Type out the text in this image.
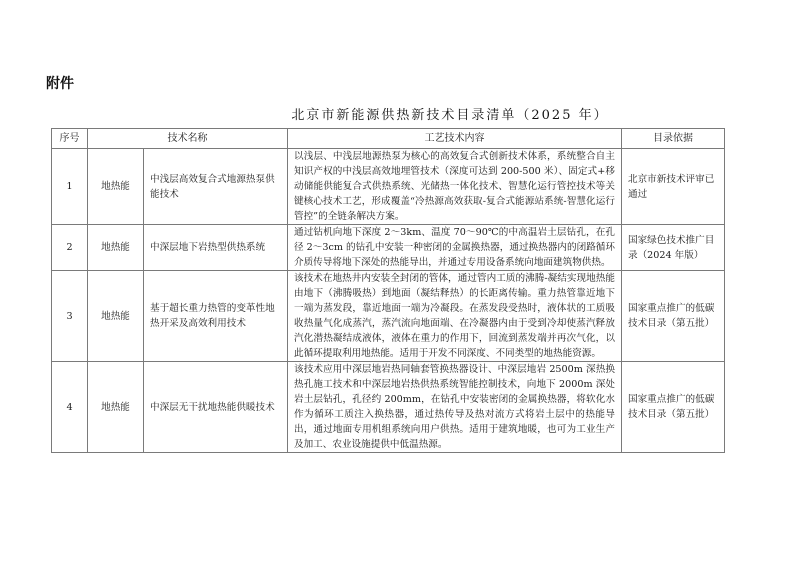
附件
北京市新能源供热新技术目录清单（2025 年）
序号	技术名称		工艺技术内容	目录依据
1	地热能	中浅层高效复合式地源热泵供能技术	以浅层、中浅层地源热泵为核心的高效复合式创新技术体系，系统整合自主知识产权的中浅层高效地埋管技术（深度可达到 200-500 米）、固定式+移动储能供能复合式供热系统、光储热一体化技术、智慧化运行管控技术等关键核心技术工艺，形成覆盖“冷热源高效获取-复合式能源站系统-智慧化运行管控”的全链条解决方案。	北京市新技术评审已通过
2	地热能	中深层地下岩热型供热系统	通过钻机向地下深度 2～3km、温度 70～90℃的中高温岩土层钻孔，在孔径 2～3cm 的钻孔中安装一种密闭的金属换热器，通过换热器内的闭路循环介质传导将地下深处的热能导出，并通过专用设备系统向地面建筑物供热。	国家绿色技术推广目录（2024 年版）
3	地热能	基于超长重力热管的变革性地热开采及高效利用技术	该技术在地热井内安装全封闭的管体，通过管内工质的沸腾-凝结实现地热能由地下（沸腾吸热）到地面（凝结释热）的长距离传输。重力热管靠近地下一端为蒸发段，靠近地面一端为冷凝段。在蒸发段受热时，液体状的工质吸收热量气化成蒸汽，蒸汽流向地面端、在冷凝器内由于受到冷却使蒸汽释放汽化潜热凝结成液体，液体在重力的作用下，回流到蒸发端并再次气化，以此循环提取利用地热能。适用于开发不同深度、不同类型的地热能资源。	国家重点推广的低碳技术目录（第五批）
4	地热能	中深层无干扰地热能供暖技术	该技术应用中深层地岩热同轴套管换热器设计、中深层地岩 2500m 深热换热孔施工技术和中深层地岩热供热系统智能控制技术，向地下 2000m 深处岩土层钻孔，孔径约 200mm，在钻孔中安装密闭的金属换热器，将软化水作为循环工质注入换热器，通过热传导及热对流方式将岩土层中的热能导出，通过地面专用机组系统向用户供热。适用于建筑地暖，也可为工业生产及加工、农业设施提供中低温热源。	国家重点推广的低碳技术目录（第五批）
